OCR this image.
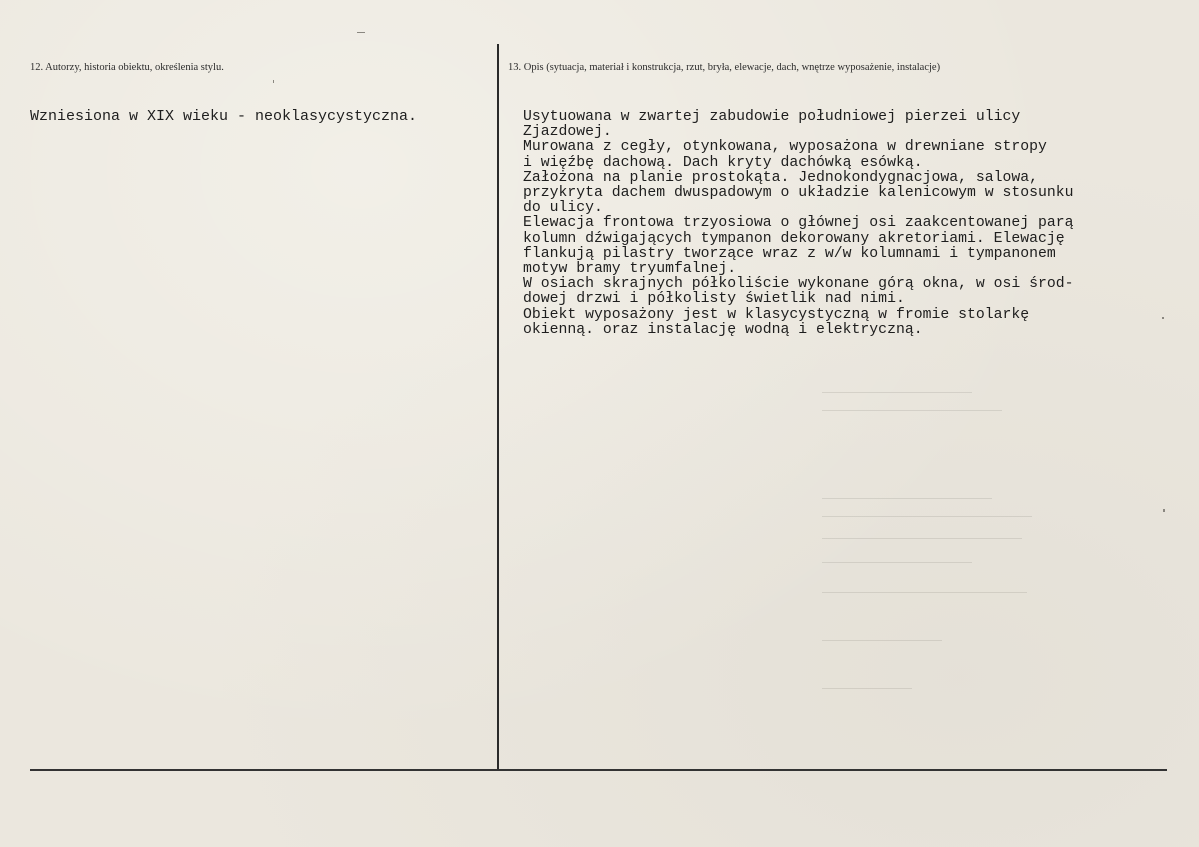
12. Autorzy, historia obiektu, określenia stylu.	13. Opis (sytuacja, materiał i konstrukcja, rzut, bryła, elewacje, dach, wnętrze wyposażenie, instalacje)
Wzniesiona w XIX wieku - neoklasycystyczna.	Usytuowana w zwartej zabudowie południowej pierzei ulicy
Zjazdowej.
Murowana z cegły, otynkowana, wyposażona w drewniane stropy
i więźbę dachową. Dach kryty dachówką esówką.
Założona na planie prostokąta. Jednokondygnacjowa, salowa,
przykryta dachem dwuspadowym o układzie kalenicowym w stosunku
do ulicy.
Elewacja frontowa trzyosiowa o głównej osi zaakcentowanej parą
kolumn dźwigających tympanon dekorowany akretoriami. Elewację
flankują pilastry tworzące wraz z w/w kolumnami i tympanonem
motyw bramy tryumfalnej.
W osiach skrajnych półkoliście wykonane górą okna, w osi środ-
dowej drzwi i półkolisty świetlik nad nimi.
Obiekt wyposażony jest w klasycystyczną w fromie stolarkę
okienną. oraz instalację wodną i elektryczną.
